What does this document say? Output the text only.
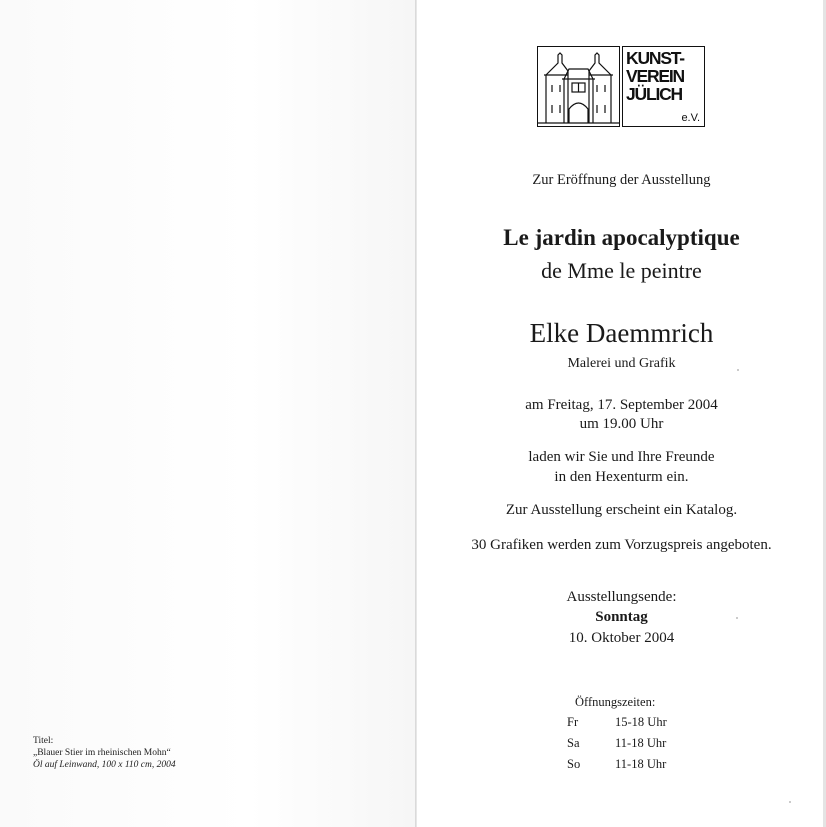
Titel:
„Blauer Stier im rheinischen Mohn“
Öl auf Leinwand, 100 x 110 cm, 2004
KUNST-
VEREIN
JÜLICH
e.V.
Zur Eröffnung der Ausstellung
Le jardin apocalyptique
de Mme le peintre
Elke Daemmrich
Malerei und Grafik
am Freitag, 17. September 2004
um 19.00 Uhr
laden wir Sie und Ihre Freunde
in den Hexenturm ein.
Zur Ausstellung erscheint ein Katalog.
30 Grafiken werden zum Vorzugspreis angeboten.
Ausstellungsende:
Sonntag
10. Oktober 2004
Öffnungszeiten:
Fr	15-18 Uhr
Sa	11-18 Uhr
So	11-18 Uhr
